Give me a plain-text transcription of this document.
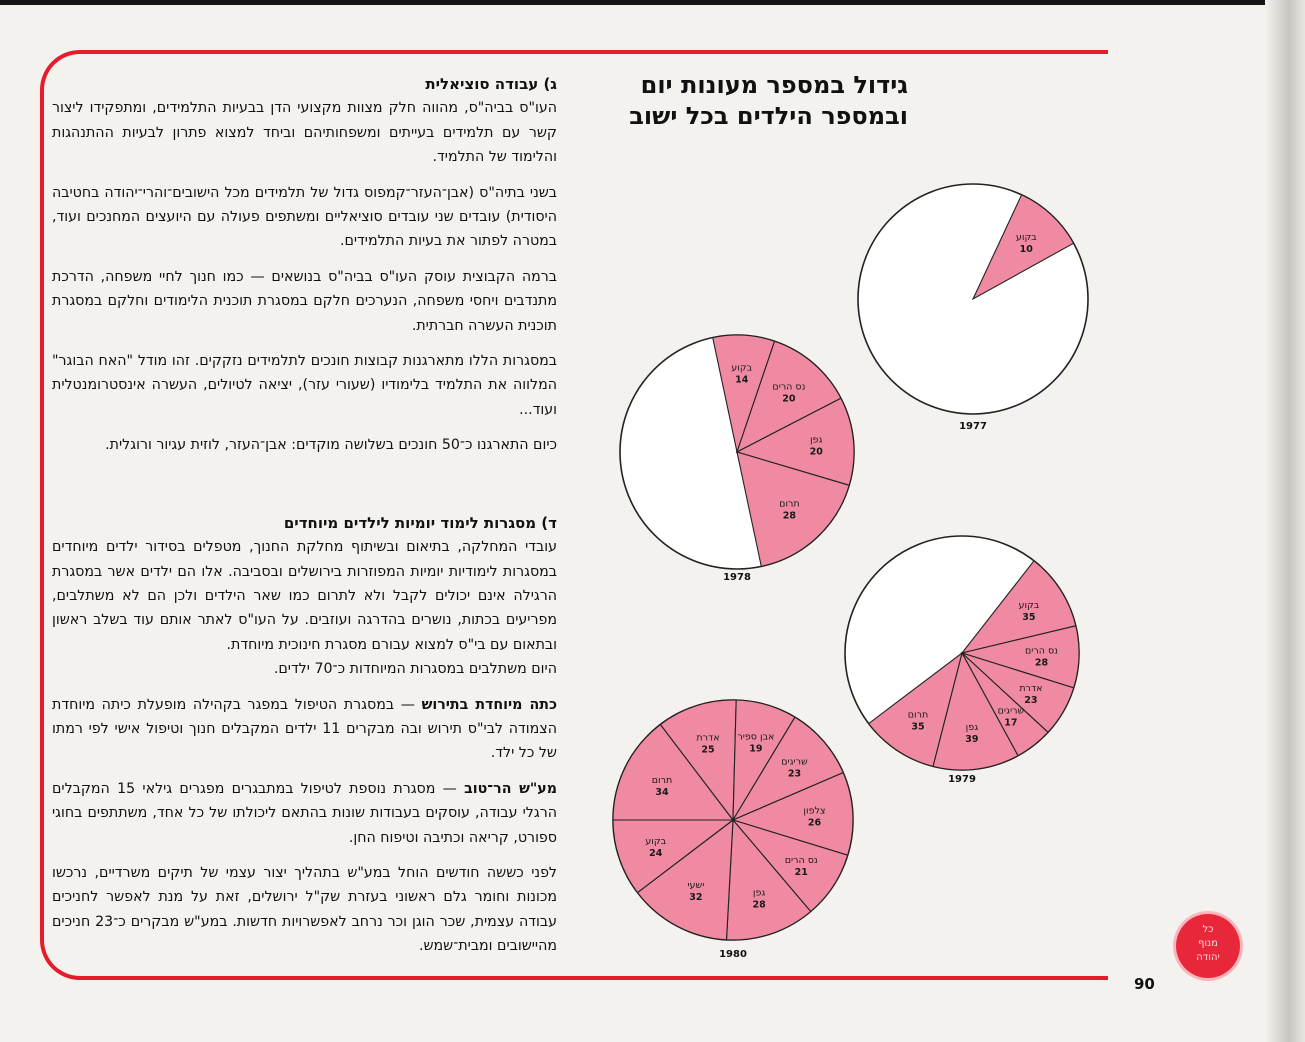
ג) עבודה סוציאלית

העו"ס בביה"ס, מהווה חלק מצוות מקצועי הדן בבעיות התלמידים, ומתפקידו ליצור קשר עם תלמידים בעייתים ומשפחותיהם וביחד למצוא פתרון לבעיות ההתנהגות והלימוד של התלמיד.

בשני בתיה"ס (אבן־העזר־קמפוס גדול של תלמידים מכל הישובים־והרי־יהודה בחטיבה היסודית) עובדים שני עובדים סוציאליים ומשתפים פעולה עם היועצים המחנכים ועוד, במטרה לפתור את בעיות התלמידים.

ברמה הקבוצית עוסק העו"ס בביה"ס בנושאים — כמו חנוך לחיי משפחה, הדרכת מתנדבים ויחסי משפחה, הנערכים חלקם במסגרת תוכנית הלימודים וחלקם במסגרת תוכנית העשרה חברתית.

במסגרות הללו מתארגנות קבוצות חונכים לתלמידים נזקקים. זהו מודל "האח הבוגר" המלווה את התלמיד בלימודיו (שעורי עזר), יציאה לטיולים, העשרה אינסטרומנטלית ועוד...

כיום התארגנו כ־50 חונכים בשלושה מוקדים: אבן־העזר, לוזית עגיור ורוגלית.

ד) מסגרות לימוד יומיות לילדים מיוחדים

עובדי המחלקה, בתיאום ובשיתוף מחלקת החנוך, מטפלים בסידור ילדים מיוחדים במסגרות לימודיות יומיות המפוזרות בירושלים ובסביבה. אלו הם ילדים אשר במסגרת הרגילה אינם יכולים לקבל ולא לתרום כמו שאר הילדים ולכן הם לא משתלבים, מפריעים בכתות, נושרים בהדרגה ועוזבים. על העו"ס לאתר אותם עוד בשלב ראשון ובתאום עם בי"ס למצוא עבורם מסגרת חינוכית מיוחדת.

היום משתלבים במסגרות המיוחדות כ־70 ילדים.

כתה מיוחדת בתירוש — במסגרת הטיפול במפגר בקהילה מופעלת כיתה מיוחדת הצמודה לבי"ס תירוש ובה מבקרים 11 ילדים המקבלים חנוך וטיפול אישי לפי רמתו של כל ילד.

מע"ש הר־טוב — מסגרת נוספת לטיפול במתבגרים מפגרים גילאי 15 המקבלים הרגלי עבודה, עוסקים בעבודות שונות בהתאם ליכולתו של כל אחד, משתתפים בחוגי ספורט, קריאה וכתיבה וטיפוח החן.

לפני כששה חודשים הוחל במע"ש בתהליך יצור עצמי של תיקים משרדיים, נרכשו מכונות וחומר גלם ראשוני בעזרת שק"ל ירושלים, זאת על מנת לאפשר לחניכים עבודה עצמית, שכר הוגן וכר נרחב לאפשרויות חדשות. במע"ש מבקרים כ־23 חניכים מהיישובים ומבית־שמש.

גידול במספר מעונות יום
ובמספר הילדים בכל ישוב
בקוע
10
1977
בקוע
14
נס הרים
20
גפן
20
תרום
28
1978
בקוע
35
נס הרים
28
אדרת
23
שריגים
17
גפן
39
תרום
35
1979
תרום
34
אדרת
25
אבן ספיר
19
שריגים
23
צלפון
26
נס הרים
21
גפן
28
ישעי
32
בקוע
24
1980
90
כל
מנוף
יהודה
